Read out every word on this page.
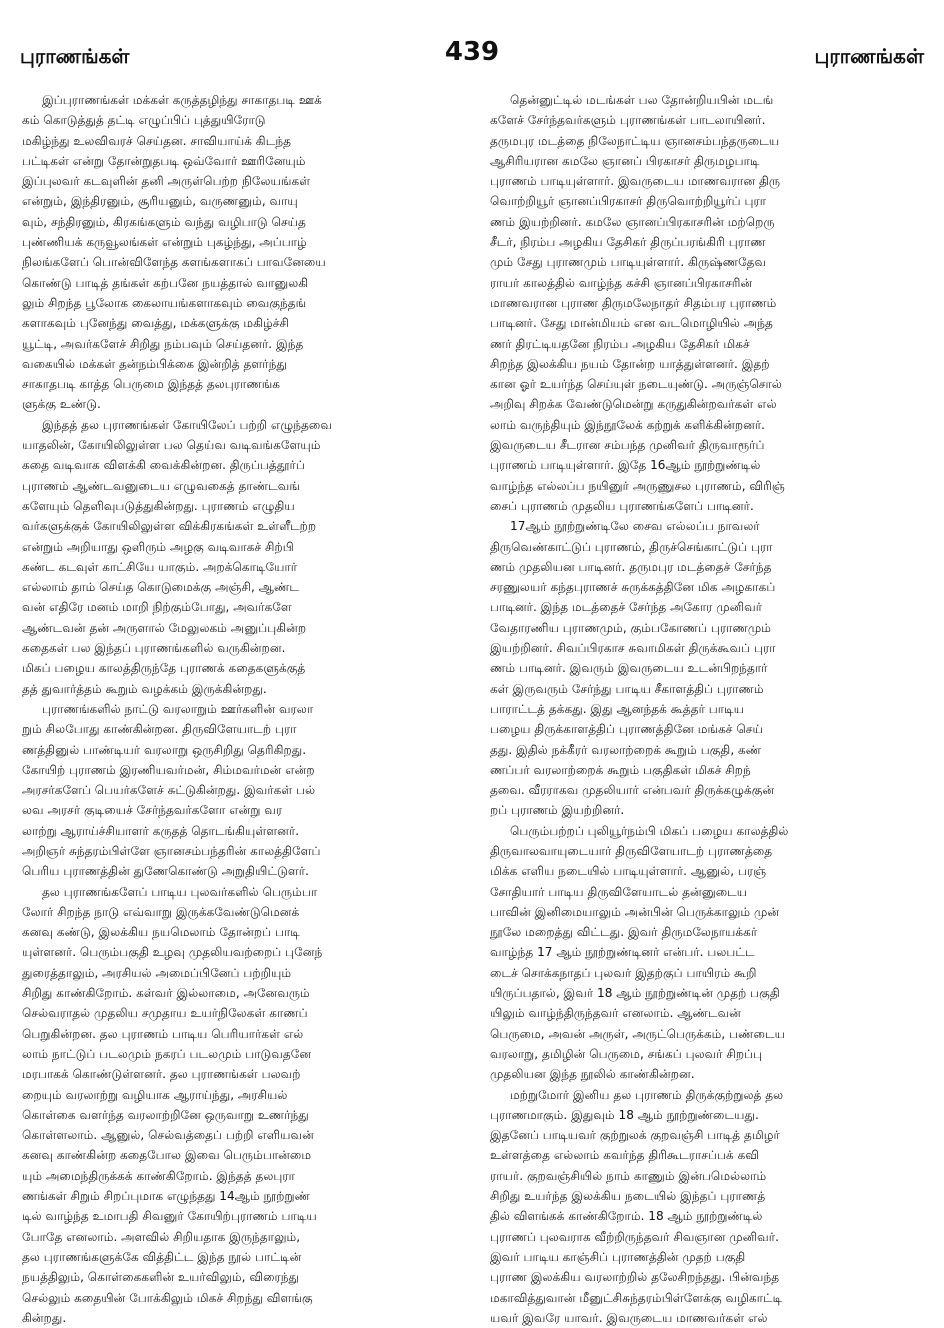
புராணங்கள்	439	புராணங்கள்

இப்புராணங்கள் மக்கள் கருத்தழிந்து சாகாதபடி ஊக்
கம் கொடுத்துத் தட்டி எழுப்பிப் புத்துயிரோடு
மகிழ்ந்து உலவிவரச் செய்தன. சாவியாய்க் கிடந்த
பட்டிகள் என்று தோன்றுதபடி ஒவ்வோர் ஊரினேயும்
இப்புலவர் கடவுளின் தனி அருள்பெற்ற நிலேயங்கள்
என்றும், இந்திரனும், சூரியனும், வருணனும், வாயு
வும், சந்திரனும், கிரகங்களும் வந்து வழிபாடு செய்த
புண்ணியக் கருவூலங்கள் என்றும் புகழ்ந்து, அப்பாழ்
நிலங்களேப் பொன்விளேந்த களங்களாகப் பாவனேயை
கொண்டு பாடித் தங்கள் கற்பனே நயத்தால் வானுலகி
லும் சிறந்த பூலோக கைலாயங்களாகவும் வைகுந்தங்
களாகவும் புனேந்து வைத்து, மக்களுக்கு மகிழ்ச்சி
யூட்டி, அவர்களேச் சிறிது நம்பவும் செய்தனர். இந்த
வகையில் மக்கள் தன்நம்பிக்கை இன்றித் தளர்ந்து
சாகாதபடி காத்த பெருமை இந்தத் தலபுராணங்க
ளுக்கு உண்டு.

இந்தத் தல புராணங்கள் கோயிலேப் பற்றி எழுந்தவை
யாதலின், கோயிலிலுள்ள பல தெய்வ வடிவங்களேயும்
கதை வடிவாக விளக்கி வைக்கின்றன. திருப்பத்தூர்ப்
புராணம் ஆண்டவனுடைய எழுவகைத் தாண்டவங்
களேயும் தெளிவுபடுத்துகின்றது. புராணம் எழுதிய
வர்களுக்குக் கோயிலிலுள்ள விக்கிரகங்கள் உள்ளீடற்ற
என்றும் அறியாது ஒளிரும் அழகு வடிவாகச் சிற்பி
கண்ட கடவுள் காட்சியே யாகும். அறக்கொடியோர்
எல்லாம் தாம் செய்த கொடுமைக்கு அஞ்சி, ஆண்ட
வன் எதிரே மனம் மாறி நிற்கும்போது, அவர்களே
ஆண்டவன் தன் அருளால் மேலுலகம் அனுப்புகின்ற
கதைகள் பல இந்தப் புராணங்களில் வருகின்றன.
மிகப் பழைய காலத்திருந்தே புராணக் கதைகளுக்குத்
தத் துவார்த்தம் கூறும் வழக்கம் இருக்கின்றது.

புராணங்களில் நாட்டு வரலாறும் ஊர்களின் வரலா
றும் சிலபோது காண்கின்றன. திருவிளேயாடற் புரா
ணத்தினுல் பாண்டியர் வரலாறு ஒருசிறிது தெரிகிறது.
கோயிற் புராணம் இரணியவர்மன், சிம்மவர்மன் என்ற
அரசர்களேப் பெயர்களேச் சுட்டுகின்றது. இவர்கள் பல்
லவ அரசர் குடியைச் சேர்ந்தவர்களோ என்று வர
லாற்று ஆராய்ச்சியாளர் கருதத் தொடங்கியுள்ளனர்.
அறிஞர் சுந்தரம்பிள்ளே ஞானசம்பந்தரின் காலத்திளேப்
பெரிய புராணத்தின் துணேகொண்டு அறுதியிட்டுளர்.

தல புராணங்களேப் பாடிய புலவர்களில் பெரும்பா
லோர் சிறந்த நாடு எவ்வாறு இருக்கவேண்டுமெனக்
கனவு கண்டு, இலக்கிய நயமெலாம் தோன்றப் பாடி
யுள்ளனர். பெரும்பகுதி உழவு முதலியவற்றைப் புனேந்
துரைத்தாலும், அரசியல் அமைப்பினேப் பற்றியும்
சிறிது காண்கிறோம். கள்வர் இல்லாமை, அனேவரும்
செல்வராதல் முதலிய சமுதாய உயர்நிலேகள் காணப்
பெறுகின்றன. தல புராணம் பாடிய பெரியார்கள் எல்
லாம் நாட்டுப் படலமும் நகரப் படலமும் பாடுவதனே
மரபாகக் கொண்டுள்ளனர். தல புராணங்கள் பலவற்
றையும் வரலாற்று வழியாக ஆராய்ந்து, அரசியல்
கொள்கை வளர்ந்த வரலாற்றினே ஒருவாறு உணர்ந்து
கொள்ளலாம். ஆனுல், செல்வத்தைப் பற்றி எளியவன்
கனவு காண்கின்ற கதைபோல இவை பெரும்பான்மை
யும் அமைந்திருக்கக் காண்கிறோம். இந்தத் தலபுரா
ணங்கள் சிறும் சிறப்புமாக எழுந்தது 14ஆம் நூற்றுண்
டில் வாழ்ந்த உமாபதி சிவனுர் கோயிற்புராணம் பாடிய
போதே எனலாம். அளவில் சிறியதாக இருந்தாலும்,
தல புராணங்களுக்கே வித்திட்ட இந்த நூல் பாட்டின்
நயத்திலும், கொள்கைகளின் உயர்விலும், விரைந்து
செல்லும் கதையின் போக்கிலும் மிகச் சிறந்து விளங்கு
கின்றது.

தென்னுட்டில் மடங்கள் பல தோன்றியபின் மடங்
களேச் சேர்ந்தவர்களும் புராணங்கள் பாடலாயினர்.
தருமபுர மடத்தை நிலேநாட்டிய ஞானசம்பந்தருடைய
ஆசிரியரான கமலே ஞானப் பிரகாசர் திருமழபாடி
புராணம் பாடியுள்ளார். இவருடைய மாணவரான திரு
வொற்றியூர் ஞானப்பிரகாசர் திருவொற்றியூர்ப் புரா
ணம் இயற்றினர். கமலே ஞானப்பிரகாசரின் மற்றெரு
சீடர், நிரம்ப அழகிய தேசிகர் திருப்பரங்கிரி புராண
மும் சேது புராணமும் பாடியுள்ளார். கிருஷ்ணதேவ
ராயர் காலத்தில் வாழ்ந்த கச்சி ஞானப்பிரகாசரின்
மாணவரான புராண திருமலேநாதர் சிதம்பர புராணம்
பாடினர். சேது மான்மியம் என வடமொழியில் அந்த
ணர் திரட்டியதனே நிரம்ப அழகிய தேசிகர் மிகச்
சிறந்த இலக்கிய நயம் தோன்ற யாத்துள்ளனர். இதற்
கான ஓர் உயர்ந்த செய்யுள் நடையுண்டு. அருஞ்சொல்
அறிவு சிறக்க வேண்டுமென்று கருதுகின்றவர்கள் எல்
லாம் வருந்தியும் இந்நூலேக் கற்றுக் களிக்கின்றனர்.
இவருடைய சீடரான சம்பந்த முனிவர் திருவாரூர்ப்
புராணம் பாடியுள்ளார். இதே 16ஆம் நூற்றுண்டில்
வாழ்ந்த எல்லப்ப நயினுர் அருணுசல புராணம், விரிஞ்
சைப் புராணம் முதலிய புராணங்களேப் பாடினர்.

17ஆம் நூற்றுண்டிலே சைவ எல்லப்ப நாவலர்
திருவெண்காட்டுப் புராணம், திருச்செங்காட்டுப் புரா
ணம் முதலியன பாடினர். தருமபுர மடத்தைச் சேர்ந்த
சரணுலயர் கந்தபுராணச் சுருக்கத்தினே மிக அழகாகப்
பாடினர். இந்த மடத்தைச் சேர்ந்த அகோர முனிவர்
வேதாரணிய புராணமும், கும்பகோணப் புராணமும்
இயற்றினர். சிவப்பிரகாச சுவாமிகள் திருக்கூவப் புரா
ணம் பாடினர். இவரும் இவருடைய உடன்பிறந்தார்
கள் இருவரும் சேர்ந்து பாடிய சீகாளத்திப் புராணம்
பாராட்டத் தக்கது. இது ஆனந்தக் கூத்தர் பாடிய
பழைய திருக்காளத்திப் புராணத்தினே மங்கச் செய்
தது. இதில் நக்கீரர் வரலாற்றைக் கூறும் பகுதி, கண்
ணப்பர் வரலாற்றைக் கூறும் பகுதிகள் மிகச் சிறந்
தவை. வீரராகவ முதலியார் என்பவர் திருக்கழுக்குன்
றப் புராணம் இயற்றினர்.

பெரும்பற்றப் புலியூர்நம்பி மிகப் பழைய காலத்தில்
திருவாலவாயுடையார் திருவிளேயாடற் புராணத்தை
மிக்க எளிய நடையில் பாடியுள்ளார். ஆனுல், பரஞ்
சோதியார் பாடிய திருவிளேயாடல் தன்னுடைய
பாவின் இனிமையாலும் அன்பின் பெருக்காலும் முன்
நூலே மறைத்து விட்டது. இவர் திருமலேநாயக்கர்
வாழ்ந்த 17 ஆம் நூற்றுண்டினர் என்பர். பலபட்ட
டைச் சொக்கநாதப் புலவர் இதற்குப் பாயிரம் கூறி
யிருப்பதால், இவர் 18 ஆம் நூற்றுண்டின் முதற் பகுதி
யிலும் வாழ்ந்திருந்தவர் எனலாம். ஆண்டவன்
பெருமை, அவன் அருள், அருட்பெருக்கம், பண்டைய
வரலாறு, தமிழின் பெருமை, சங்கப் புலவர் சிறப்பு
முதலியன இந்த நூலில் காண்கின்றன.

மற்றுமோர் இனிய தல புராணம் திருக்குற்றுலத் தல
புராணமாகும். இதுவும் 18 ஆம் நூற்றுண்டையது.
இதனேப் பாடியவர் குற்றுலக் குறவஞ்சி பாடித் தமிழர்
உள்ளத்தை எல்லாம் கவர்ந்த திரிகூடராசப்பக் கவி
ராயர். குறவஞ்சியில் நாம் காணும் இன்பமெல்லாம்
சிறிது உயர்ந்த இலக்கிய நடையில் இந்தப் புராணத்
தில் விளங்கக் காண்கிறோம். 18 ஆம் நூற்றுண்டில்
புராணப் புலவராக வீற்றிருந்தவர் சிவஞான முனிவர்.
இவர் பாடிய காஞ்சிப் புராணத்தின் முதற் பகுதி
புராண இலக்கிய வரலாற்றில் தலேசிறந்தது. பின்வந்த
மகாவித்துவான் மீனுட்சிசுந்தரம்பிள்ளேக்கு வழிகாட்டி
யவர் இவரே யாவர். இவருடைய மாணவர்கள் எல்
